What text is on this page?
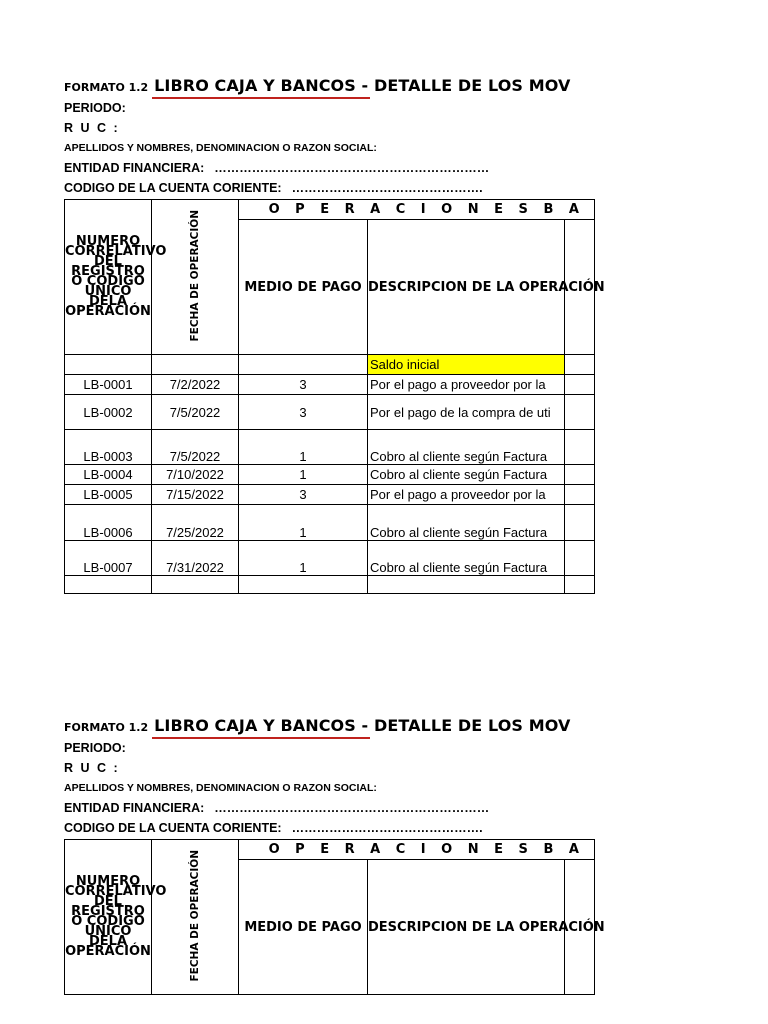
FORMATO 1.2 LIBRO CAJA Y BANCOS - DETALLE DE LOS MOV
PERIODO:
R U C :
APELLIDOS Y NOMBRES, DENOMINACION O RAZON SOCIAL:
ENTIDAD FINANCIERA: …………………………………………………………
CODIGO DE LA CUENTA CORIENTE: ……………………………………….
NUMERO CORRELATIVO DEL REGISTRO O CODIGO UNICO DELA OPERACIÓN	FECHA DE OPERACIÓN	O P E R A C I O N E S B A		
		MEDIO DE PAGO	DESCRIPCION DE LA OPERACIÓN	
			Saldo inicial	
LB-0001	7/2/2022	3	Por el pago a proveedor por la	
LB-0002	7/5/2022	3	Por el pago de la compra de uti	
LB-0003	7/5/2022	1	Cobro al cliente según Factura	
LB-0004	7/10/2022	1	Cobro al cliente según Factura	
LB-0005	7/15/2022	3	Por el pago a proveedor por la	
LB-0006	7/25/2022	1	Cobro al cliente según Factura	
LB-0007	7/31/2022	1	Cobro al cliente según Factura	

FORMATO 1.2 LIBRO CAJA Y BANCOS - DETALLE DE LOS MOV
PERIODO:
R U C :
APELLIDOS Y NOMBRES, DENOMINACION O RAZON SOCIAL:
ENTIDAD FINANCIERA: …………………………………………………………
CODIGO DE LA CUENTA CORIENTE: ……………………………………….
NUMERO CORRELATIVO DEL REGISTRO O CODIGO UNICO DELA OPERACIÓN	FECHA DE OPERACIÓN	O P E R A C I O N E S B A		
		MEDIO DE PAGO	DESCRIPCION DE LA OPERACIÓN	
